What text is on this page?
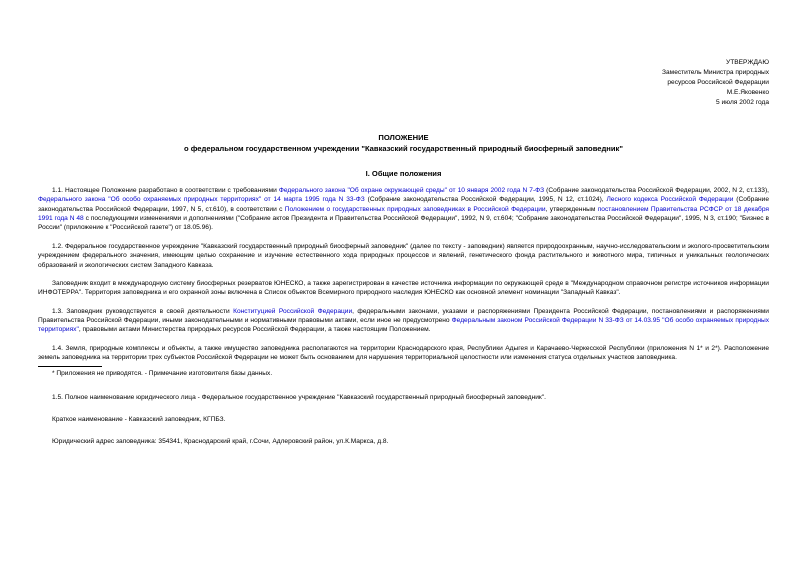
УТВЕРЖДАЮ
Заместитель Министра природных
ресурсов Российской Федерации
М.Е.Яковенко
5 июля 2002 года
ПОЛОЖЕНИЕ
о федеральном государственном учреждении "Кавказский государственный природный биосферный заповедник"
I. Общие положения

1.1. Настоящее Положение разработано в соответствии с требованиями Федерального закона "Об охране окружающей среды" от 10 января 2002 года N 7-ФЗ (Собрание законодательства Российской Федерации, 2002, N 2, ст.133), Федерального закона "Об особо охраняемых природных территориях" от 14 марта 1995 года N 33-ФЗ (Собрание законодательства Российской Федерации, 1995, N 12, ст.1024), Лесного кодекса Российской Федерации (Собрание законодательства Российской Федерации, 1997, N 5, ст.610), в соответствии с Положением о государственных природных заповедниках в Российской Федерации, утвержденным постановлением Правительства РСФСР от 18 декабря 1991 года N 48 с последующими изменениями и дополнениями ("Собрание актов Президента и Правительства Российской Федерации", 1992, N 9, ст.604; "Собрание законодательства Российской Федерации", 1995, N 3, ст.190; "Бизнес в России" (приложение к "Российской газете") от 18.05.96).

1.2. Федеральное государственное учреждение "Кавказский государственный природный биосферный заповедник" (далее по тексту - заповедник) является природоохранным, научно-исследовательским и эколого-просветительским учреждением федерального значения, имеющим целью сохранение и изучение естественного хода природных процессов и явлений, генетического фонда растительного и животного мира, типичных и уникальных геологических образований и экологических систем Западного Кавказа.

Заповедник входит в международную систему биосферных резерватов ЮНЕСКО, а также зарегистрирован в качестве источника информации по окружающей среде в "Международном справочном регистре источников информации ИНФОТЕРРА". Территория заповедника и его охранной зоны включена в Список объектов Всемирного природного наследия ЮНЕСКО как основной элемент номинации "Западный Кавказ".

1.3. Заповедник руководствуется в своей деятельности Конституцией Российской Федерации, федеральными законами, указами и распоряжениями Президента Российской Федерации, постановлениями и распоряжениями Правительства Российской Федерации, иными законодательными и нормативными правовыми актами, если иное не предусмотрено Федеральным законом Российской Федерации N 33-ФЗ от 14.03.95 "Об особо охраняемых природных территориях", правовыми актами Министерства природных ресурсов Российской Федерации, а также настоящим Положением.

1.4. Земля, природные комплексы и объекты, а также имущество заповедника располагаются на территории Краснодарского края, Республики Адыгея и Карачаево-Черкесской Республики (приложения N 1* и 2*). Расположение земель заповедника на территории трех субъектов Российской Федерации не может быть основанием для нарушения территориальной целостности или изменения статуса отдельных участков заповедника.

* Приложения не приводятся. - Примечание изготовителя базы данных.

1.5. Полное наименование юридического лица - Федеральное государственное учреждение "Кавказский государственный природный биосферный заповедник".

Краткое наименование - Кавказский заповедник, КГПБЗ.

Юридический адрес заповедника: 354341, Краснодарский край, г.Сочи, Адлеровский район, ул.К.Маркса, д.8.
